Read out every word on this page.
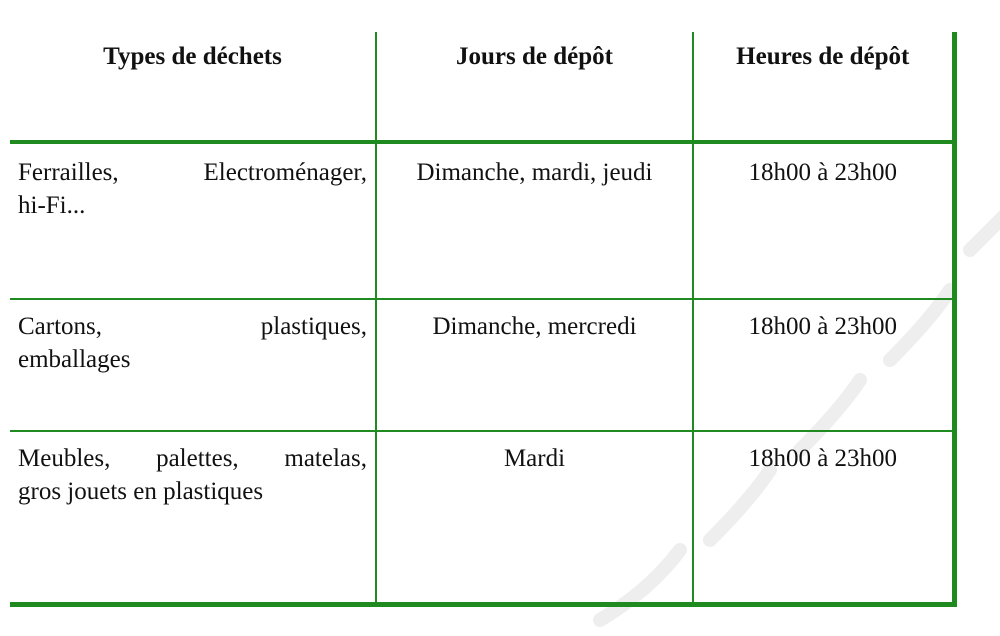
Types de déchets	Jours de dépôt	Heures de dépôt

Ferrailles, Electroménager,
hi-Fi...	Dimanche, mardi, jeudi	18h00 à 23h00

Cartons, plastiques,
emballages	Dimanche, mercredi	18h00 à 23h00

Meubles, palettes, matelas,
gros jouets en plastiques	Mardi	18h00 à 23h00
